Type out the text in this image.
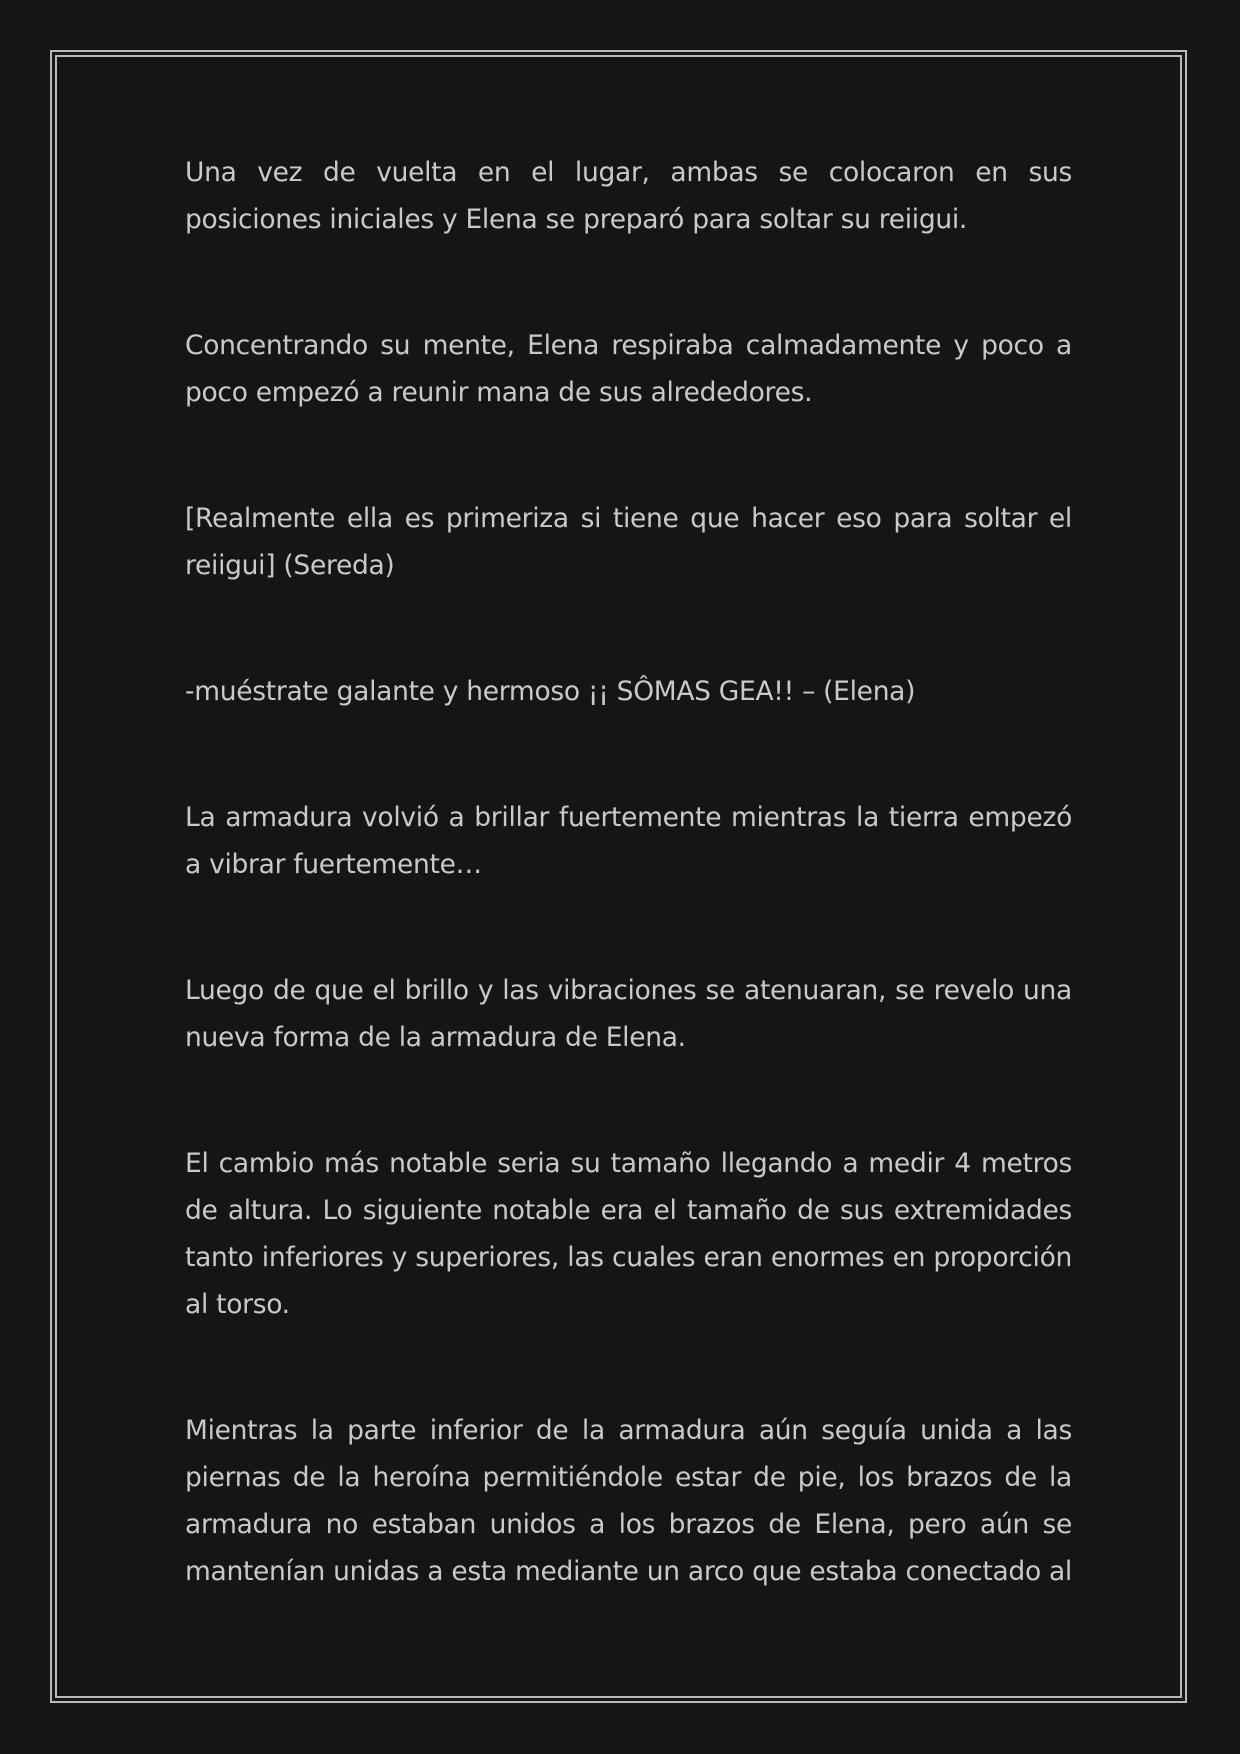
Una vez de vuelta en el lugar, ambas se colocaron en sus posiciones iniciales y Elena se preparó para soltar su reiigui.

Concentrando su mente, Elena respiraba calmadamente y poco a poco empezó a reunir mana de sus alrededores.

[Realmente ella es primeriza si tiene que hacer eso para soltar el reiigui] (Sereda)

-muéstrate galante y hermoso ¡¡ SÔMAS GEA!! – (Elena)

La armadura volvió a brillar fuertemente mientras la tierra empezó a vibrar fuertemente…

Luego de que el brillo y las vibraciones se atenuaran, se revelo una nueva forma de la armadura de Elena.

El cambio más notable seria su tamaño llegando a medir 4 metros de altura. Lo siguiente notable era el tamaño de sus extremidades tanto inferiores y superiores, las cuales eran enormes en proporción al torso.

Mientras la parte inferior de la armadura aún seguía unida a las piernas de la heroína permitiéndole estar de pie, los brazos de la armadura no estaban unidos a los brazos de Elena, pero aún se mantenían unidas a esta mediante un arco que estaba conectado al
